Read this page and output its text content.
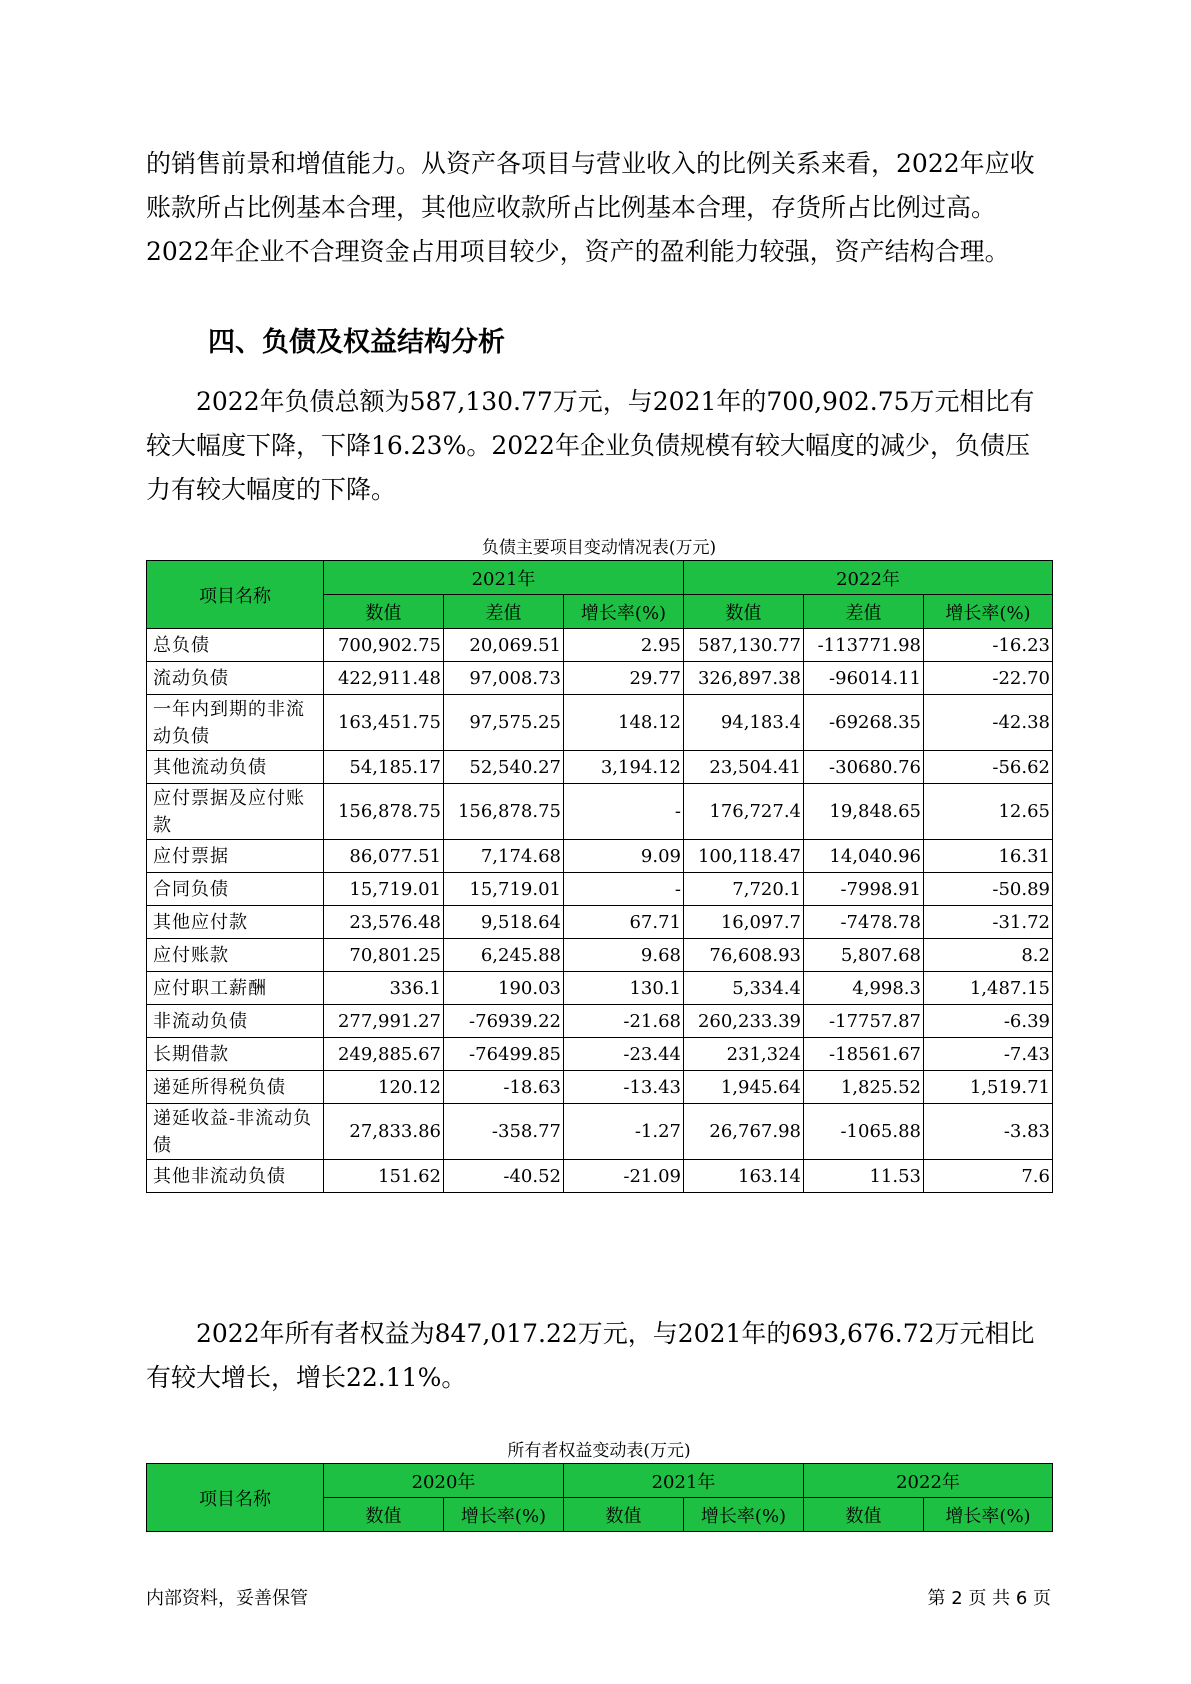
的销售前景和增值能力。从资产各项目与营业收入的比例关系来看，2022年应收账款所占比例基本合理，其他应收款所占比例基本合理，存货所占比例过高。2022年企业不合理资金占用项目较少，资产的盈利能力较强，资产结构合理。

四、负债及权益结构分析

2022年负债总额为587,130.77万元，与2021年的700,902.75万元相比有较大幅度下降，下降16.23%。2022年企业负债规模有较大幅度的减少，负债压力有较大幅度的下降。

负债主要项目变动情况表(万元)
项目名称	2021年			2022年		
	数值	差值	增长率(%)	数值	差值	增长率(%)
总负债	700,902.75	20,069.51	2.95	587,130.77	-113771.98	-16.23
流动负债	422,911.48	97,008.73	29.77	326,897.38	-96014.11	-22.70
一年内到期的非流动负债	163,451.75	97,575.25	148.12	94,183.4	-69268.35	-42.38
其他流动负债	54,185.17	52,540.27	3,194.12	23,504.41	-30680.76	-56.62
应付票据及应付账款	156,878.75	156,878.75	-	176,727.4	19,848.65	12.65
应付票据	86,077.51	7,174.68	9.09	100,118.47	14,040.96	16.31
合同负债	15,719.01	15,719.01	-	7,720.1	-7998.91	-50.89
其他应付款	23,576.48	9,518.64	67.71	16,097.7	-7478.78	-31.72
应付账款	70,801.25	6,245.88	9.68	76,608.93	5,807.68	8.2
应付职工薪酬	336.1	190.03	130.1	5,334.4	4,998.3	1,487.15
非流动负债	277,991.27	-76939.22	-21.68	260,233.39	-17757.87	-6.39
长期借款	249,885.67	-76499.85	-23.44	231,324	-18561.67	-7.43
递延所得税负债	120.12	-18.63	-13.43	1,945.64	1,825.52	1,519.71
递延收益-非流动负债	27,833.86	-358.77	-1.27	26,767.98	-1065.88	-3.83
其他非流动负债	151.62	-40.52	-21.09	163.14	11.53	7.6

2022年所有者权益为847,017.22万元，与2021年的693,676.72万元相比有较大增长，增长22.11%。

所有者权益变动表(万元)
项目名称	2020年		2021年		2022年	
	数值	增长率(%)	数值	增长率(%)	数值	增长率(%)
内部资料，妥善保管	第 2 页 共 6 页
